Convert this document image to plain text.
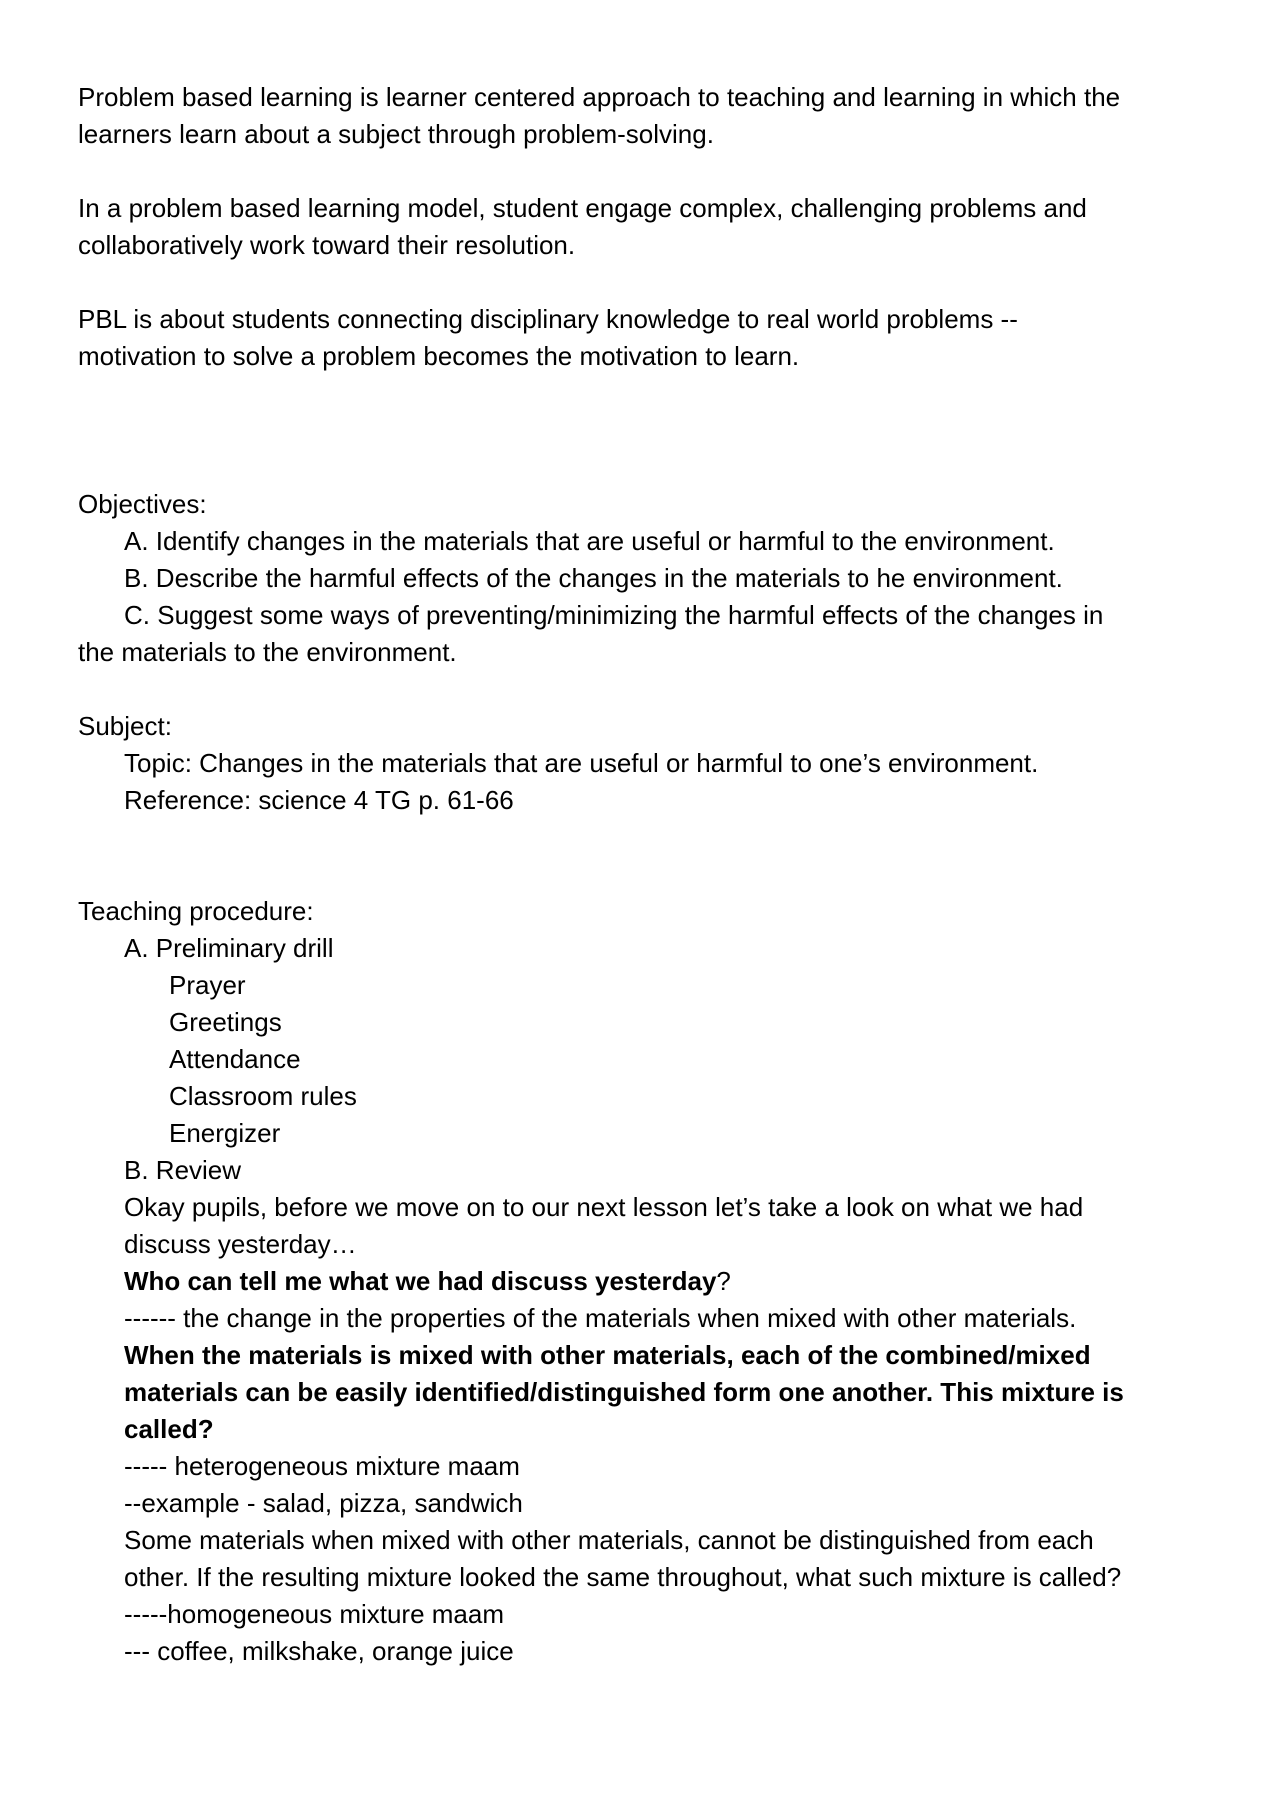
Problem based learning is learner centered approach to teaching and learning in which the
learners learn about a subject through problem-solving.
In a problem based learning model, student engage complex, challenging problems and
collaboratively work toward their resolution.
PBL is about students connecting disciplinary knowledge to real world problems --
motivation to solve a problem becomes the motivation to learn.
Objectives:
A. Identify changes in the materials that are useful or harmful to the environment.
B. Describe the harmful effects of the changes in the materials to he environment.
C. Suggest some ways of preventing/minimizing the harmful effects of the changes in
the materials to the environment.
Subject:
Topic: Changes in the materials that are useful or harmful to one’s environment.
Reference: science 4 TG p. 61-66
Teaching procedure:
A. Preliminary drill
Prayer
Greetings
Attendance
Classroom rules
Energizer
B. Review
Okay pupils, before we move on to our next lesson let’s take a look on what we had
discuss yesterday…
Who can tell me what we had discuss yesterday?
------ the change in the properties of the materials when mixed with other materials.
When the materials is mixed with other materials, each of the combined/mixed
materials can be easily identified/distinguished form one another. This mixture is
called?
----- heterogeneous mixture maam
--example - salad, pizza, sandwich
Some materials when mixed with other materials, cannot be distinguished from each
other. If the resulting mixture looked the same throughout, what such mixture is called?
-----homogeneous mixture maam
--- coffee, milkshake, orange juice
